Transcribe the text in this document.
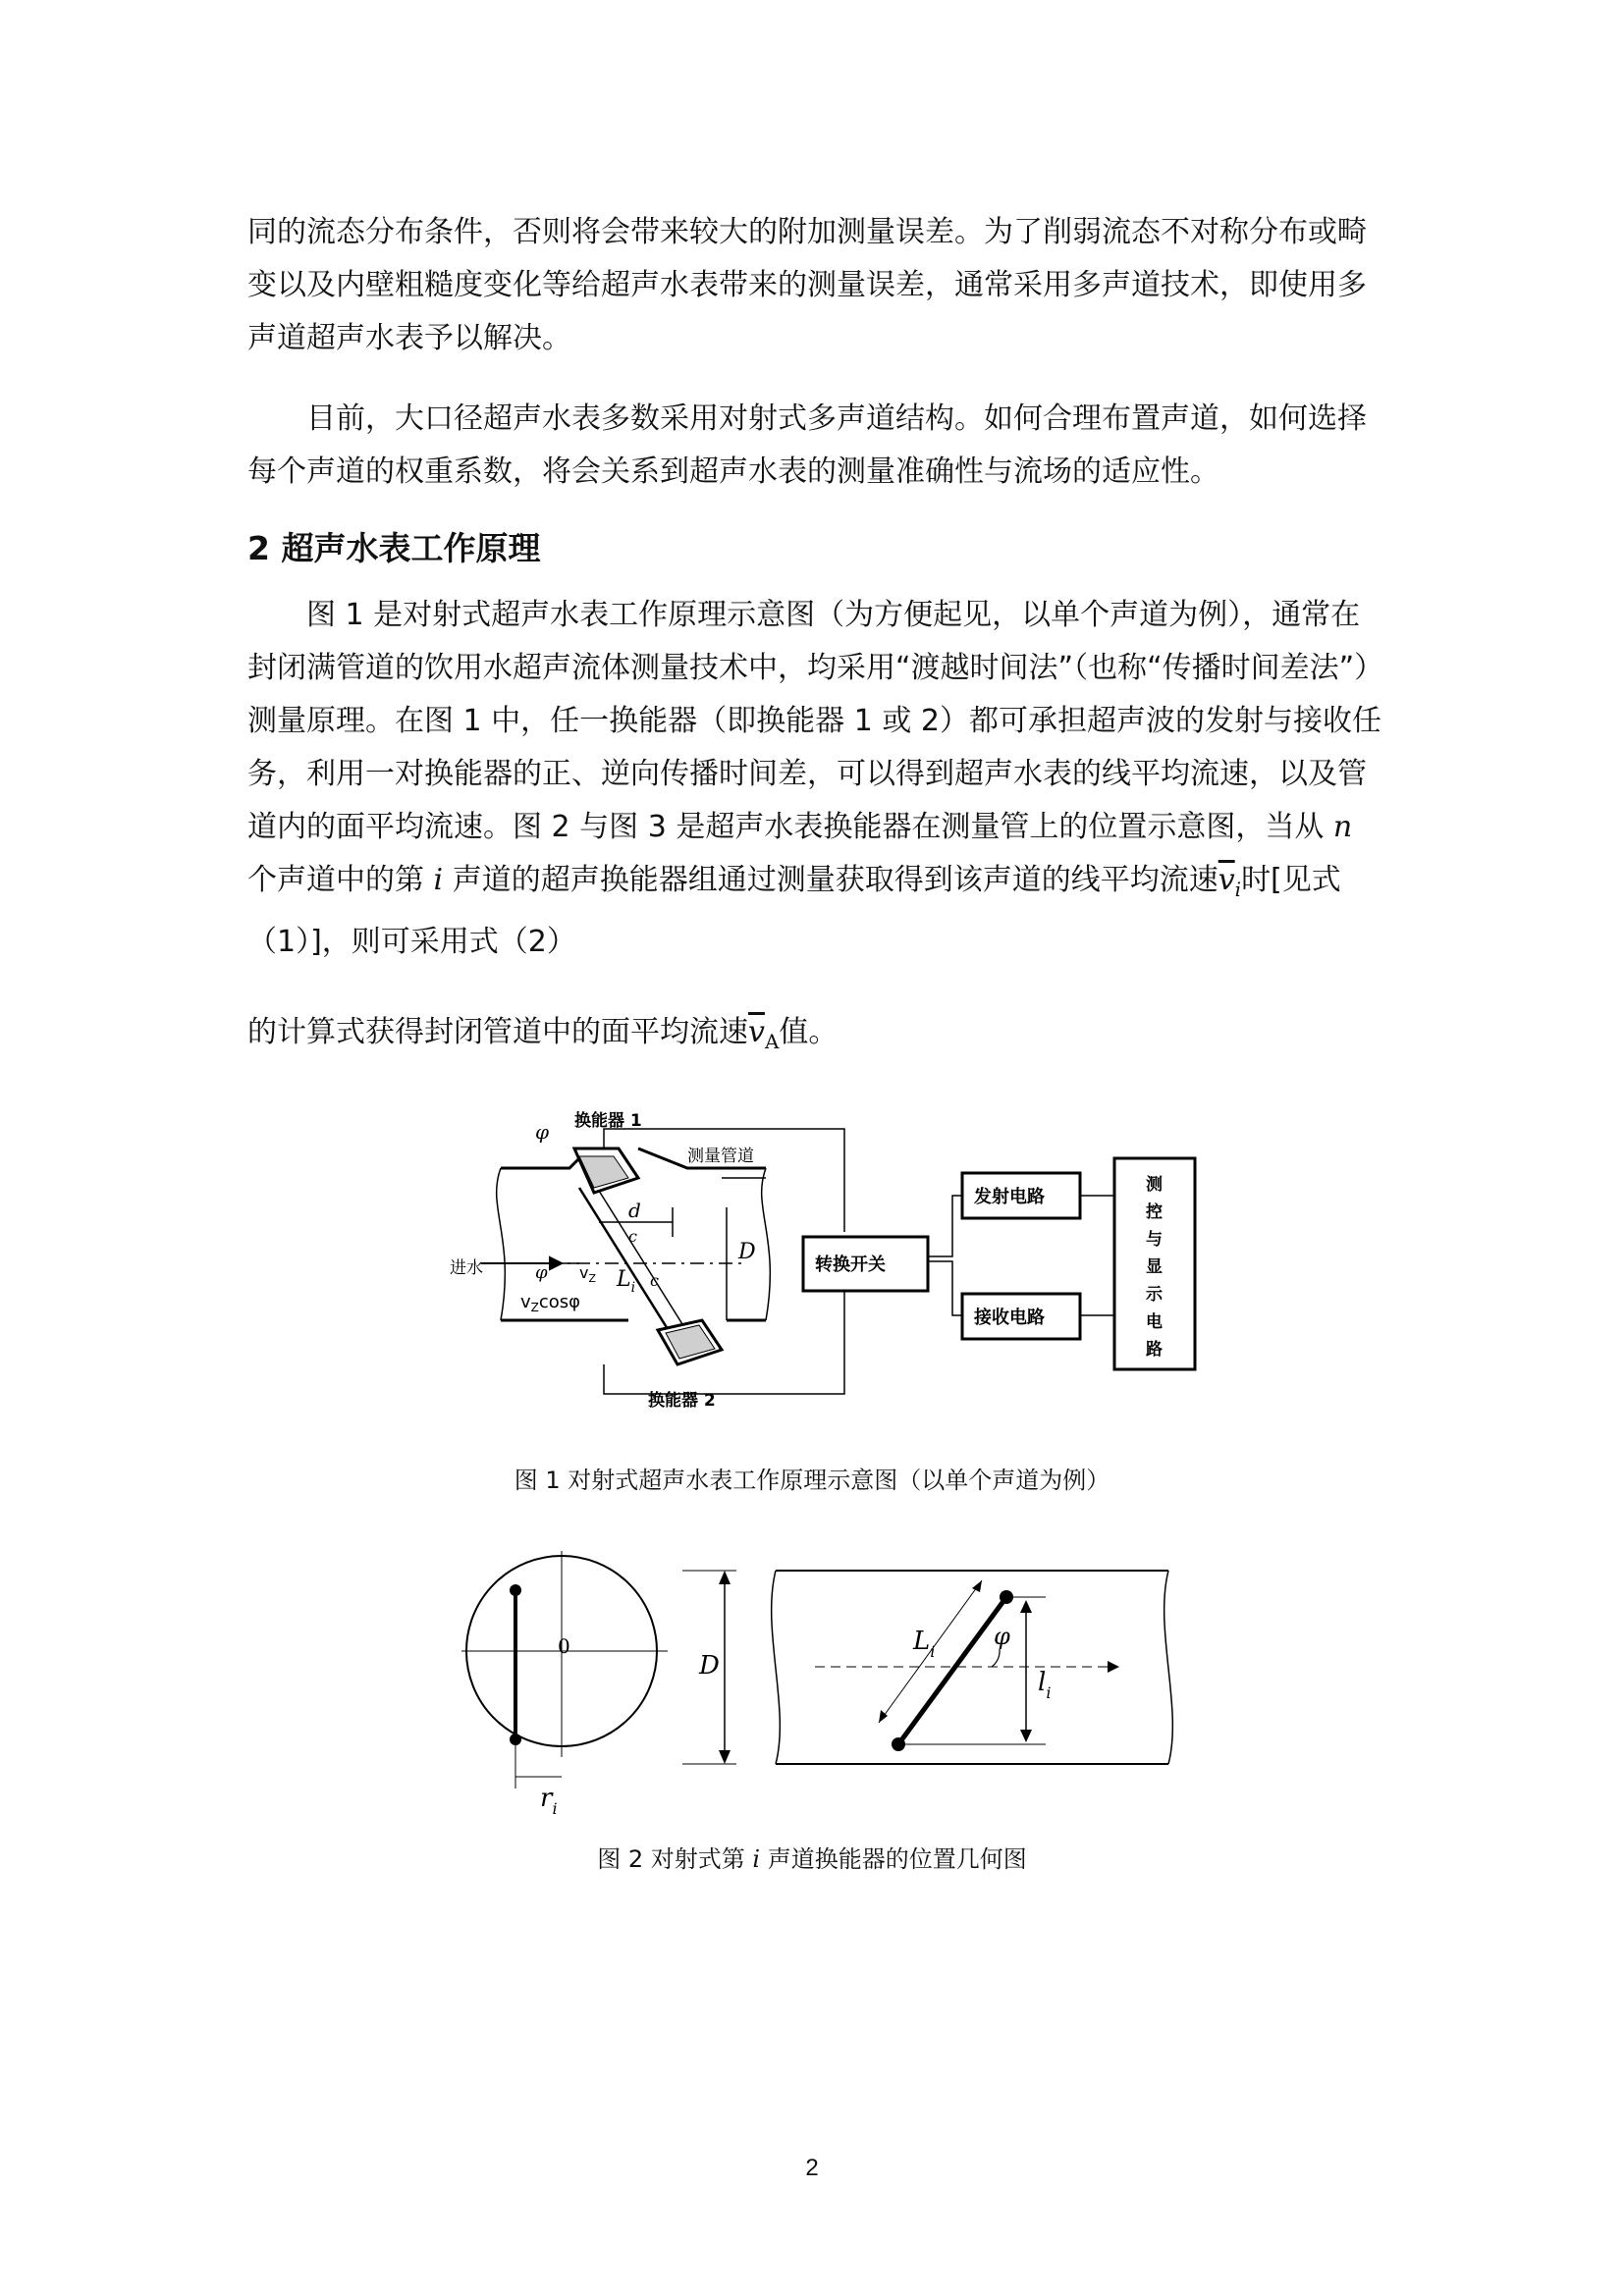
同的流态分布条件，否则将会带来较大的附加测量误差。为了削弱流态不对称分布或畸变以及内壁粗糙度变化等给超声水表带来的测量误差，通常采用多声道技术，即使用多声道超声水表予以解决。

目前，大口径超声水表多数采用对射式多声道结构。如何合理布置声道，如何选择每个声道的权重系数，将会关系到超声水表的测量准确性与流场的适应性。

2 超声水表工作原理

图 1 是对射式超声水表工作原理示意图（为方便起见，以单个声道为例），通常在封闭满管道的饮用水超声流体测量技术中，均采用“渡越时间法”（也称“传播时间差法”）测量原理。在图 1 中，任一换能器（即换能器 1 或 2）都可承担超声波的发射与接收任务，利用一对换能器的正、逆向传播时间差，可以得到超声水表的线平均流速，以及管道内的面平均流速。图 2 与图 3 是超声水表换能器在测量管上的位置示意图，当从 n 个声道中的第 i 声道的超声换能器组通过测量获取得到该声道的线平均流速$\overline{v}_i$时[见式（1）]，则可采用式（2）

的计算式获得封闭管道中的面平均流速$\overline{v}_A$值。

换能器 1
换能器 2
测量管道
进水
φ
φ
d
c
c
D
$L_i$
$v_Z$
$v_Z\cos\varphi$
转换开关
发射电路
接收电路
测
控
与
显
示
电
路
图 1 对射式超声水表工作原理示意图（以单个声道为例）
0
D
$r_i$
$L_i$
φ
$l_i$
图 2 对射式第 i 声道换能器的位置几何图
2
